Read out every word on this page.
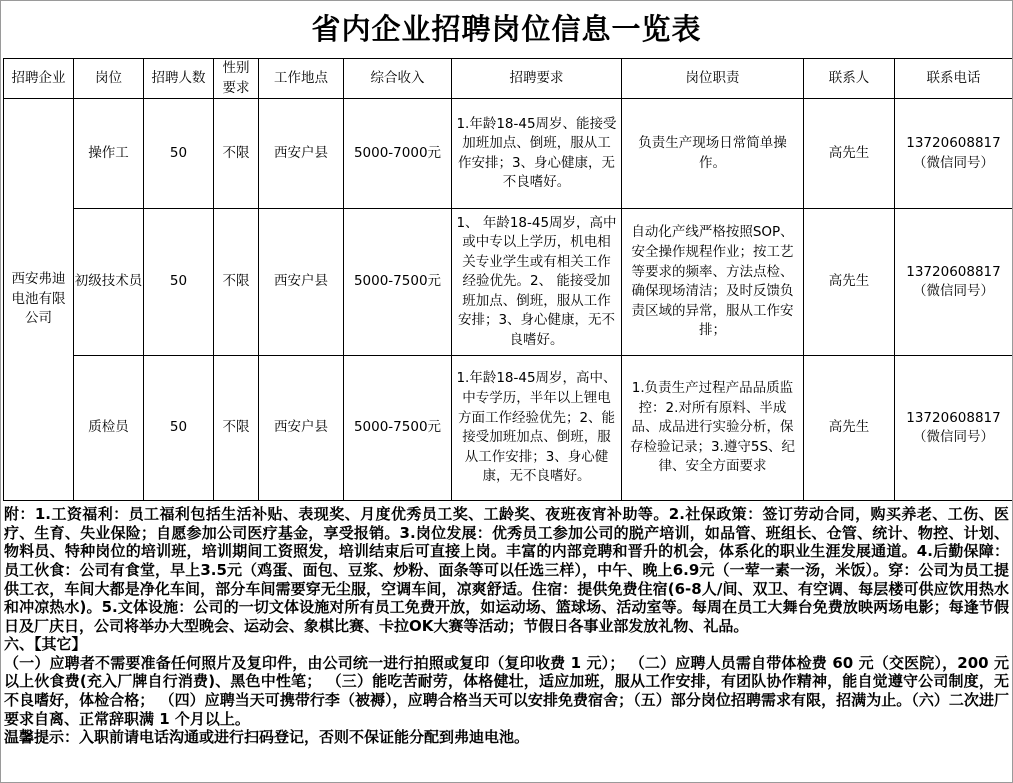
省内企业招聘岗位信息一览表
招聘企业	岗位	招聘人数	性别要求	工作地点	综合收入	招聘要求	岗位职责	联系人	联系电话
西安弗迪电池有限公司	操作工	50	不限	西安户县	5000-7000元	1.年龄18-45周岁、能接受加班加点、倒班，服从工作安排；3、身心健康，无不良嗜好。	负责生产现场日常简单操作。	高先生	13720608817（微信同号）
	初级技术员	50	不限	西安户县	5000-7500元	1、 年龄18-45周岁，高中或中专以上学历，机电相关专业学生或有相关工作经验优先。2、 能接受加班加点、倒班，服从工作安排；3、身心健康，无不良嗜好。	自动化产线严格按照SOP、安全操作规程作业；按工艺等要求的频率、方法点检、确保现场清洁；及时反馈负责区域的异常，服从工作安排；	高先生	13720608817（微信同号）
	质检员	50	不限	西安户县	5000-7500元	1.年龄18-45周岁，高中、中专学历，半年以上锂电方面工作经验优先；2、能接受加班加点、倒班，服从工作安排；3、身心健康，无不良嗜好。	1.负责生产过程产品品质监控：2.对所有原料、半成品、成品进行实验分析，保存检验记录；3.遵守5S、纪律、安全方面要求	高先生	13720608817（微信同号）

附：1.工资福利：员工福利包括生活补贴、表现奖、月度优秀员工奖、工龄奖、夜班夜宵补助等。2.社保政策：签订劳动合同，购买养老、工伤、医疗、生育、失业保险；自愿参加公司医疗基金，享受报销。3.岗位发展：优秀员工参加公司的脱产培训，如品管、班组长、仓管、统计、物控、计划、物料员、特种岗位的培训班，培训期间工资照发，培训结束后可直接上岗。丰富的内部竞聘和晋升的机会，体系化的职业生涯发展通道。4.后勤保障：员工伙食：公司有食堂，早上3.5元（鸡蛋、面包、豆浆、炒粉、面条等可以任选三样），中午、晚上6.9元（一荤一素一汤，米饭）。穿：公司为员工提供工衣，车间大都是净化车间，部分车间需要穿无尘服，空调车间，凉爽舒适。住宿：提供免费住宿(6-8人/间、双卫、有空调、每层楼可供应饮用热水和冲凉热水)。5.文体设施：公司的一切文体设施对所有员工免费开放，如运动场、篮球场、活动室等。每周在员工大舞台免费放映两场电影；每逢节假日及厂庆日，公司将举办大型晚会、运动会、象棋比赛、卡拉OK大赛等活动；节假日各事业部发放礼物、礼品。

六、【其它】

（一）应聘者不需要准备任何照片及复印件，由公司统一进行拍照或复印（复印收费 1 元）； （二）应聘人员需自带体检费 60 元（交医院），200 元以上伙食费(充入厂牌自行消费)、黑色中性笔； （三）能吃苦耐劳，体格健壮，适应加班，服从工作安排，有团队协作精神，能自觉遵守公司制度，无不良嗜好，体检合格； （四）应聘当天可携带行李（被褥），应聘合格当天可以安排免费宿舍；（五）部分岗位招聘需求有限，招满为止。（六）二次进厂要求自离、正常辞职满 1 个月以上。

温馨提示：入职前请电话沟通或进行扫码登记，否则不保证能分配到弗迪电池。
